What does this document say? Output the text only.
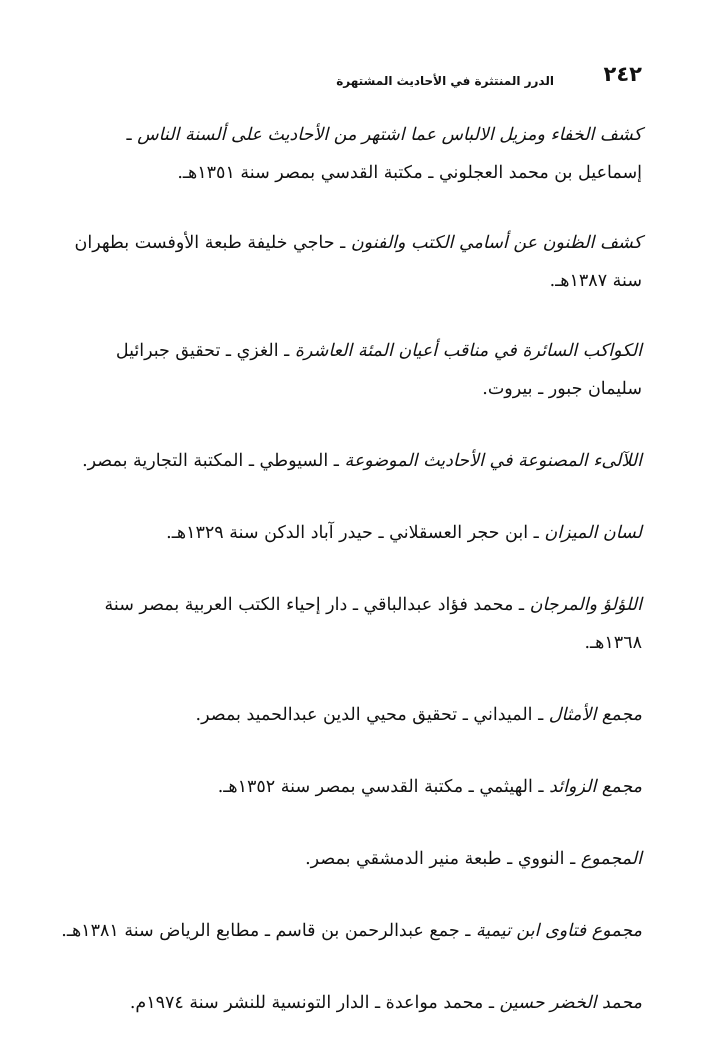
٢٤٢
الدرر المنتثرة في الأحاديث المشتهرة

كشف الخفاء ومزيل الالباس عما اشتهر من الأحاديث على ألسنة الناس ـ إسماعيل بن محمد العجلوني ـ مكتبة القدسي بمصر سنة ١٣٥١هـ.

كشف الظنون عن أسامي الكتب والفنون ـ حاجي خليفة طبعة الأوفست بطهران سنة ١٣٨٧هـ.

الكواكب السائرة في مناقب أعيان المئة العاشرة ـ الغزي ـ تحقيق جبرائيل سليمان جبور ـ بيروت.

اللآلىء المصنوعة في الأحاديث الموضوعة ـ السيوطي ـ المكتبة التجارية بمصر.

لسان الميزان ـ ابن حجر العسقلاني ـ حيدر آباد الدكن سنة ١٣٢٩هـ.

اللؤلؤ والمرجان ـ محمد فؤاد عبدالباقي ـ دار إحياء الكتب العربية بمصر سنة ١٣٦٨هـ.

مجمع الأمثال ـ الميداني ـ تحقيق محيي الدين عبدالحميد بمصر.

مجمع الزوائد ـ الهيثمي ـ مكتبة القدسي بمصر سنة ١٣٥٢هـ.

المجموع ـ النووي ـ طبعة منير الدمشقي بمصر.

مجموع فتاوى ابن تيمية ـ جمع عبدالرحمن بن قاسم ـ مطابع الرياض سنة ١٣٨١هـ.

محمد الخضر حسين ـ محمد مواعدة ـ الدار التونسية للنشر سنة ١٩٧٤م.
